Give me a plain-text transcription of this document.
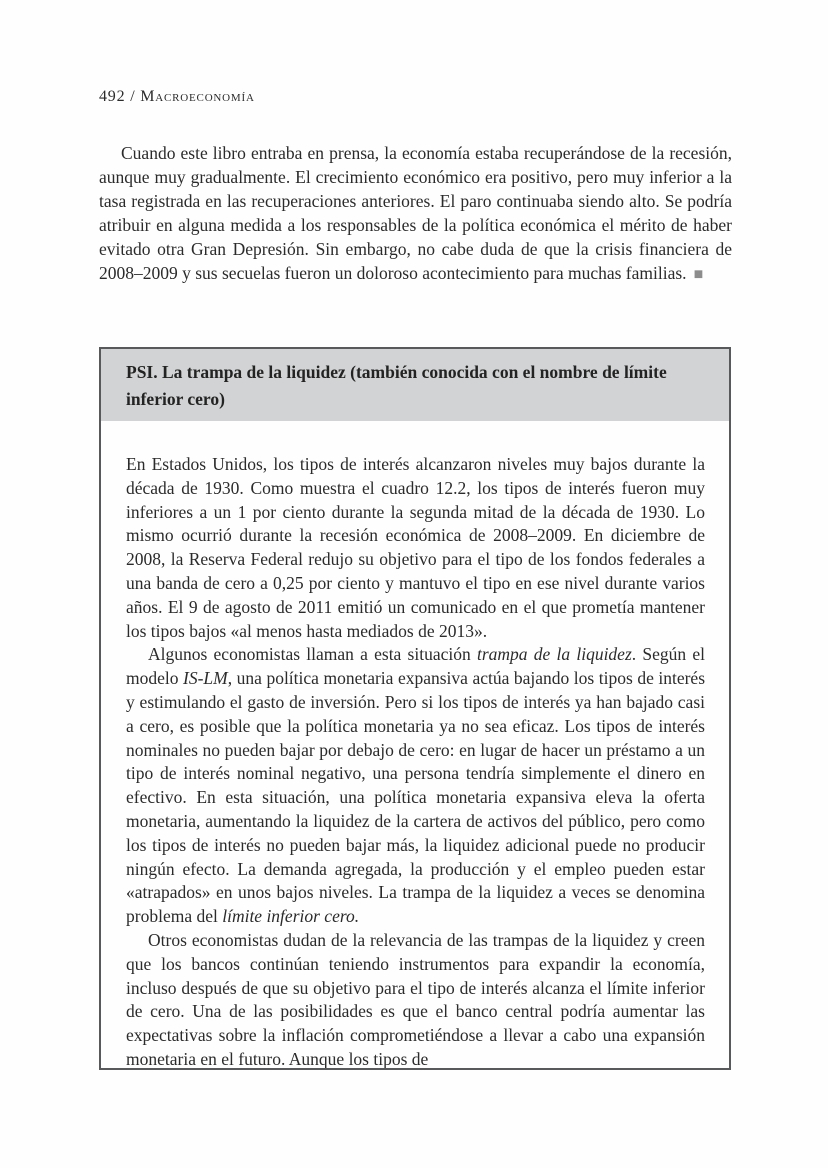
492 / Macroeconomía

Cuando este libro entraba en prensa, la economía estaba recuperándose de la recesión, aunque muy gradualmente. El crecimiento económico era positivo, pero muy inferior a la tasa registrada en las recuperaciones anteriores. El paro continuaba siendo alto. Se podría atribuir en alguna medida a los responsables de la política económica el mérito de haber evitado otra Gran Depresión. Sin embargo, no cabe duda de que la crisis financiera de 2008–2009 y sus secuelas fueron un doloroso acontecimiento para muchas familias. ■

PSI. La trampa de la liquidez (también conocida con el nombre de límite inferior cero)

En Estados Unidos, los tipos de interés alcanzaron niveles muy bajos durante la década de 1930. Como muestra el cuadro 12.2, los tipos de interés fueron muy inferiores a un 1 por ciento durante la segunda mitad de la década de 1930. Lo mismo ocurrió durante la recesión económica de 2008–2009. En diciembre de 2008, la Reserva Federal redujo su objetivo para el tipo de los fondos federales a una banda de cero a 0,25 por ciento y mantuvo el tipo en ese nivel durante varios años. El 9 de agosto de 2011 emitió un comunicado en el que prometía mantener los tipos bajos «al menos hasta mediados de 2013».

Algunos economistas llaman a esta situación trampa de la liquidez. Según el modelo IS-LM, una política monetaria expansiva actúa bajando los tipos de interés y estimulando el gasto de inversión. Pero si los tipos de interés ya han bajado casi a cero, es posible que la política monetaria ya no sea eficaz. Los tipos de interés nominales no pueden bajar por debajo de cero: en lugar de hacer un préstamo a un tipo de interés nominal negativo, una persona tendría simplemente el dinero en efectivo. En esta situación, una política monetaria expansiva eleva la oferta monetaria, aumentando la liquidez de la cartera de activos del público, pero como los tipos de interés no pueden bajar más, la liquidez adicional puede no producir ningún efecto. La demanda agregada, la producción y el empleo pueden estar «atrapados» en unos bajos niveles. La trampa de la liquidez a veces se denomina problema del límite inferior cero.

Otros economistas dudan de la relevancia de las trampas de la liquidez y creen que los bancos continúan teniendo instrumentos para expandir la economía, incluso después de que su objetivo para el tipo de interés alcanza el límite inferior de cero. Una de las posibilidades es que el banco central podría aumentar las expectativas sobre la inflación comprometiéndose a llevar a cabo una expansión monetaria en el futuro. Aunque los tipos de
